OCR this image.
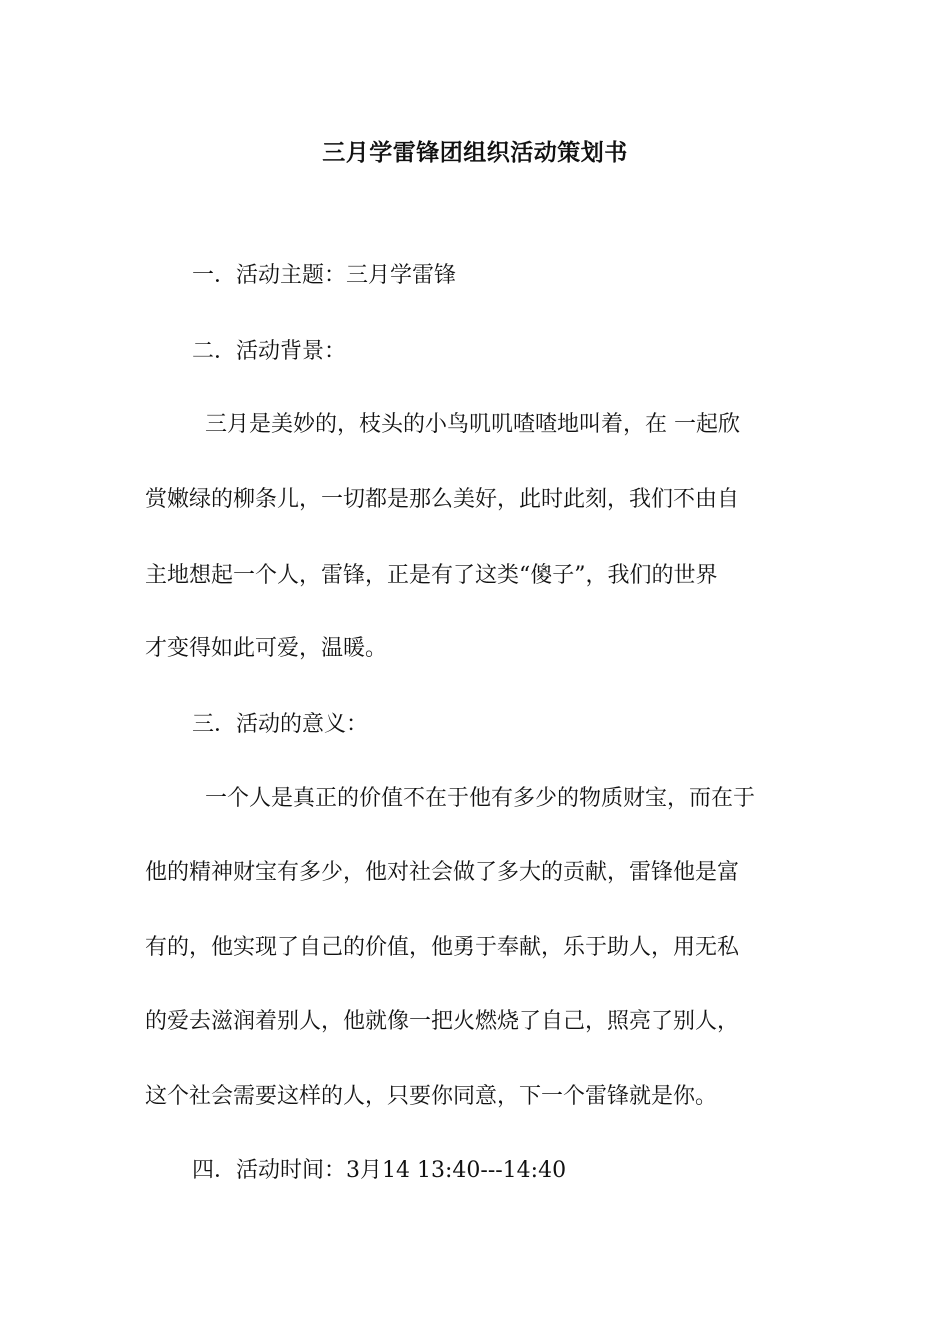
三月学雷锋团组织活动策划书
一．活动主题：三月学雷锋
二．活动背景：
三月是美妙的，枝头的小鸟叽叽喳喳地叫着，在 一起欣
赏嫩绿的柳条儿，一切都是那么美好，此时此刻，我们不由自
主地想起一个人，雷锋，正是有了这类“傻子”，我们的世界
才变得如此可爱，温暖。
三．活动的意义：
一个人是真正的价值不在于他有多少的物质财宝，而在于
他的精神财宝有多少，他对社会做了多大的贡献，雷锋他是富
有的，他实现了自己的价值，他勇于奉献，乐于助人，用无私
的爱去滋润着别人，他就像一把火燃烧了自己，照亮了别人，
这个社会需要这样的人，只要你同意，下一个雷锋就是你。
四．活动时间：3月14 13:40---14:40
